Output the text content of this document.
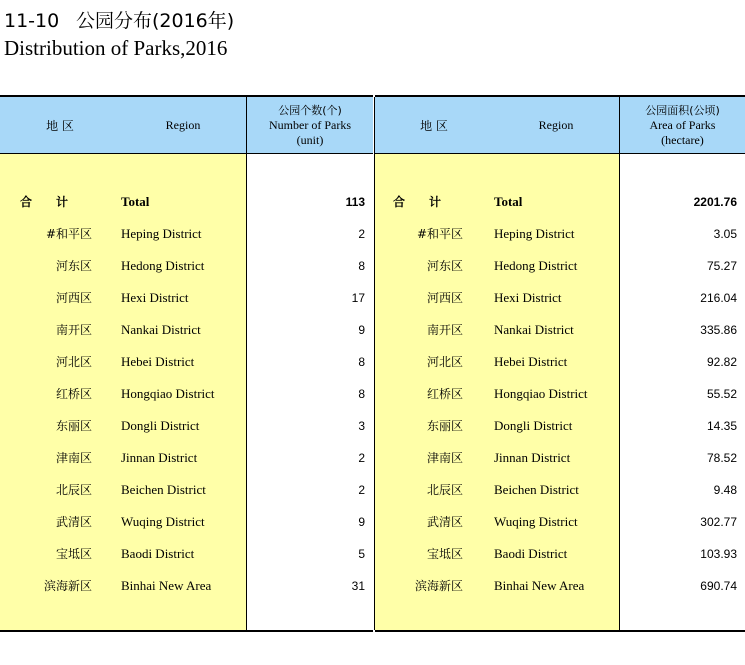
11-10 公园分布(2016年)
Distribution of Parks,2016
地 区	Region
公园个数(个)
Number of Parks
(unit)
合　　计	Total	113
#和平区 Heping District	2
河东区 Hedong District	8
河西区 Hexi District	17
南开区 Nankai District	9
河北区 Hebei District	8
红桥区 Hongqiao District	8
东丽区 Dongli District	3
津南区 Jinnan District	2
北辰区 Beichen District	2
武清区 Wuqing District	9
宝坻区 Baodi District	5
滨海新区 Binhai New Area	31
地 区	Region
公园面积(公顷)
Area of Parks
(hectare)
合　　计	Total	2201.76
#和平区 Heping District	3.05
河东区 Hedong District	75.27
河西区 Hexi District	216.04
南开区 Nankai District	335.86
河北区 Hebei District	92.82
红桥区 Hongqiao District	55.52
东丽区 Dongli District	14.35
津南区 Jinnan District	78.52
北辰区 Beichen District	9.48
武清区 Wuqing District	302.77
宝坻区 Baodi District	103.93
滨海新区 Binhai New Area	690.74
